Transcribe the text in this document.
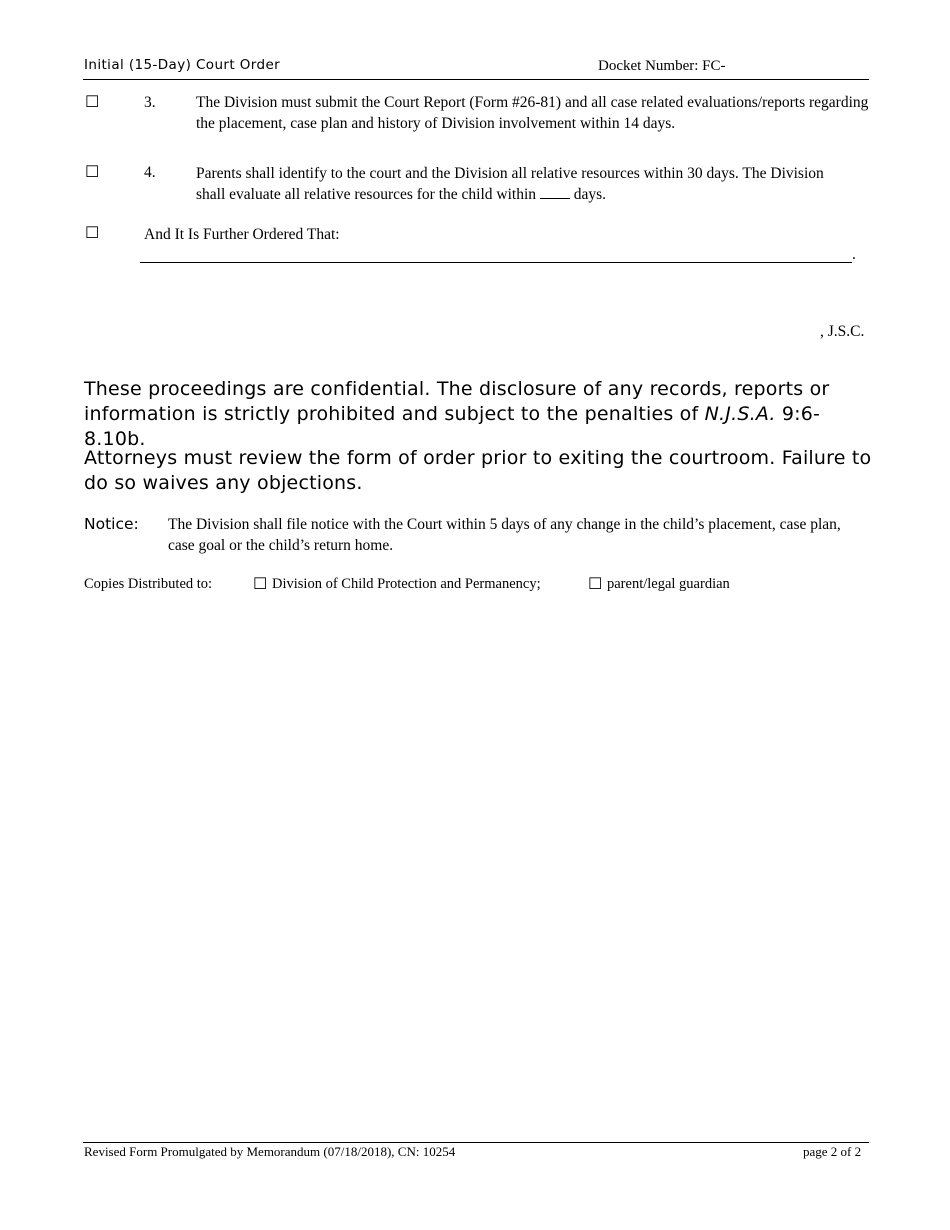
Initial (15-Day) Court Order	Docket Number: FC-
☐	3.	The Division must submit the Court Report (Form #26-81) and all case related evaluations/reports regarding the placement, case plan and history of Division involvement within 14 days.
☐	4.	Parents shall identify to the court and the Division all relative resources within 30 days. The Division shall evaluate all relative resources for the child within  days.
☐	And It Is Further Ordered That:
.
, J.S.C.
These proceedings are confidential. The disclosure of any records, reports or information is strictly prohibited and subject to the penalties of N.J.S.A. 9:6-8.10b.
Attorneys must review the form of order prior to exiting the courtroom. Failure to do so waives any objections.
Notice: The Division shall file notice with the Court within 5 days of any change in the child’s placement, case plan, case goal or the child’s return home.
Copies Distributed to:	☐ Division of Child Protection and Permanency;	☐ parent/legal guardian
Revised Form Promulgated by Memorandum (07/18/2018), CN: 10254	page 2 of 2
